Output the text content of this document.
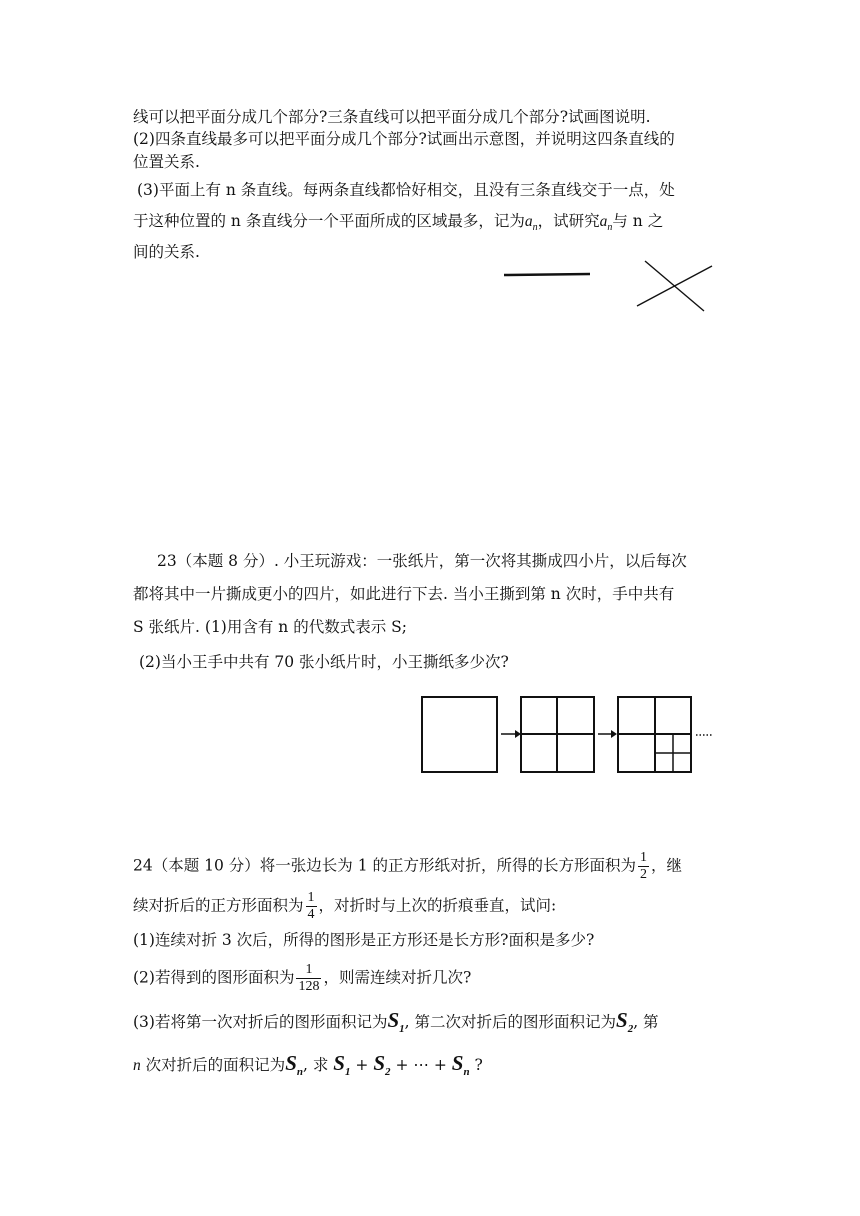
线可以把平面分成几个部分?三条直线可以把平面分成几个部分?试画图说明.
(2)四条直线最多可以把平面分成几个部分?试画出示意图，并说明这四条直线的
位置关系.
(3)平面上有 n 条直线。每两条直线都恰好相交，且没有三条直线交于一点，处
于这种位置的 n 条直线分一个平面所成的区域最多，记为$a_n$，试研究$a_n$与 n 之
间的关系.
23（本题 8 分）. 小王玩游戏：一张纸片，第一次将其撕成四小片，以后每次
都将其中一片撕成更小的四片，如此进行下去. 当小王撕到第 n 次时，手中共有
S 张纸片. (1)用含有 n 的代数式表示 S;
(2)当小王手中共有 70 张小纸片时，小王撕纸多少次?
24（本题 10 分）将一张边长为 1 的正方形纸对折，所得的长方形面积为 $\frac{1}{2}$ ，继
续对折后的正方形面积为 $\frac{1}{4}$ ，对折时与上次的折痕垂直，试问:
(1)连续对折 3 次后，所得的图形是正方形还是长方形?面积是多少?
(2)若得到的图形面积为 $\frac{1}{128}$ ，则需连续对折几次?
(3)若将第一次对折后的图形面积记为$S_1$, 第二次对折后的图形面积记为$S_2$, 第
n 次对折后的面积记为$S_n$, 求 $S_1 + S_2$ + ⋯ + $S_n$ ?
